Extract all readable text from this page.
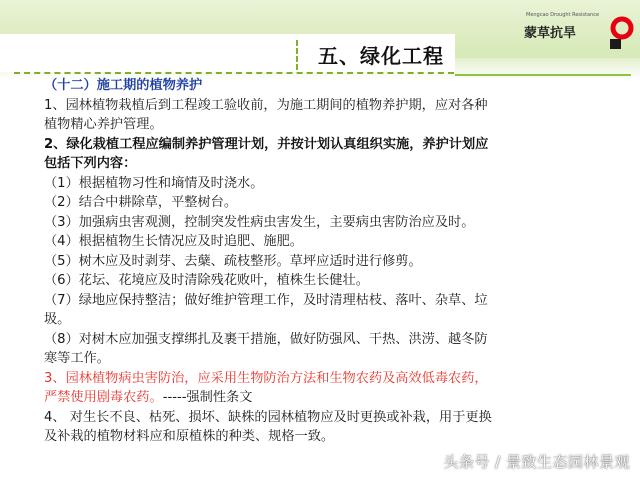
五、绿化工程
Mengcao Drought Resistance
蒙草抗旱
（十二）施工期的植物养护
1、园林植物栽植后到工程竣工验收前，为施工期间的植物养护期，应对各种
植物精心养护管理。
2、绿化栽植工程应编制养护管理计划，并按计划认真组织实施，养护计划应
包括下列内容：
（1）根据植物习性和墒情及时浇水。
（2）结合中耕除草，平整树台。
（3）加强病虫害观测，控制突发性病虫害发生，主要病虫害防治应及时。
（4）根据植物生长情况应及时追肥、施肥。
（5）树木应及时剥芽、去蘖、疏枝整形。草坪应适时进行修剪。
（6）花坛、花境应及时清除残花败叶，植株生长健壮。
（7）绿地应保持整洁；做好维护管理工作，及时清理枯枝、落叶、杂草、垃
圾。
（8）对树木应加强支撑绑扎及裹干措施，做好防强风、干热、洪涝、越冬防
寒等工作。
3、园林植物病虫害防治，应采用生物防治方法和生物农药及高效低毒农药，
严禁使用剧毒农药。-----强制性条文
4、 对生长不良、枯死、损坏、缺株的园林植物应及时更换或补栽，用于更换
及补栽的植物材料应和原植株的种类、规格一致。
头条号 / 景致生态园林景观
